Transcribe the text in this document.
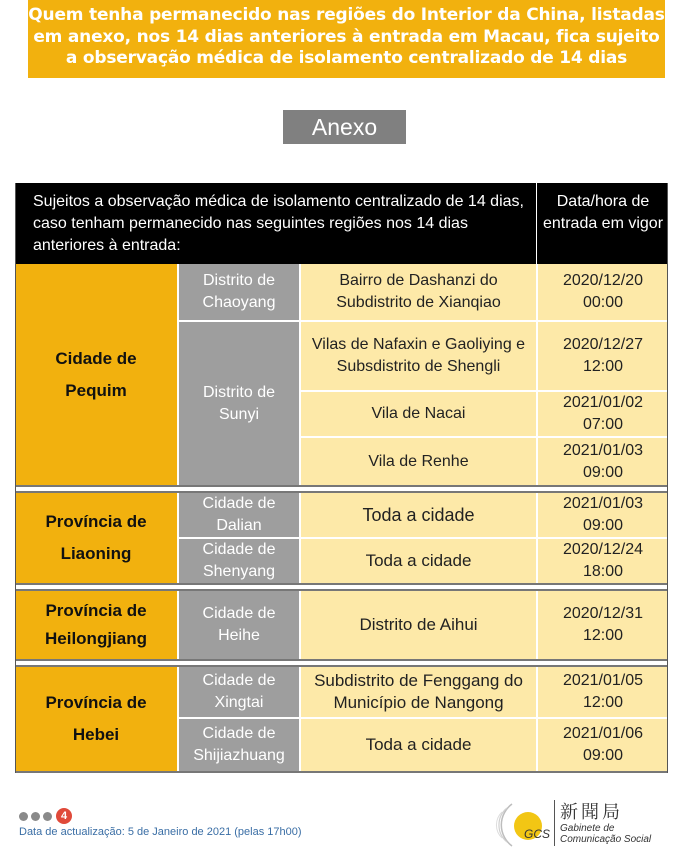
Quem tenha permanecido nas regiões do Interior da China, listadas
em anexo, nos 14 dias anteriores à entrada em Macau, fica sujeito
a observação médica de isolamento centralizado de 14 dias
Anexo
Sujeitos a observação médica de isolamento centralizado de 14 dias, caso tenham permanecido nas seguintes regiões nos 14 dias anteriores à entrada:
Data/hora de entrada em vigor
Cidade de Pequim
Distrito de Chaoyang
Distrito de Sunyi
Bairro de Dashanzi do Subdistrito de Xianqiao
Vilas de Nafaxin e Gaoliying e Subsdistrito de Shengli
Vila de Nacai
Vila de Renhe
2020/12/20
00:00
2020/12/27
12:00
2021/01/02
07:00
2021/01/03
09:00
Província de Liaoning
Cidade de Dalian
Cidade de Shenyang
Toda a cidade
Toda a cidade
2021/01/03
09:00
2020/12/24
18:00
Província de Heilongjiang
Cidade de Heihe
Distrito de Aihui
2020/12/31
12:00
Província de Hebei
Cidade de Xingtai
Cidade de Shijiazhuang
Subdistrito de Fenggang do Município de Nangong
Toda a cidade
2021/01/05
12:00
2021/01/06
09:00
4
Data de actualização: 5 de Janeiro de 2021 (pelas 17h00)	GCS
新聞局
Gabinete de
Comunicação Social
